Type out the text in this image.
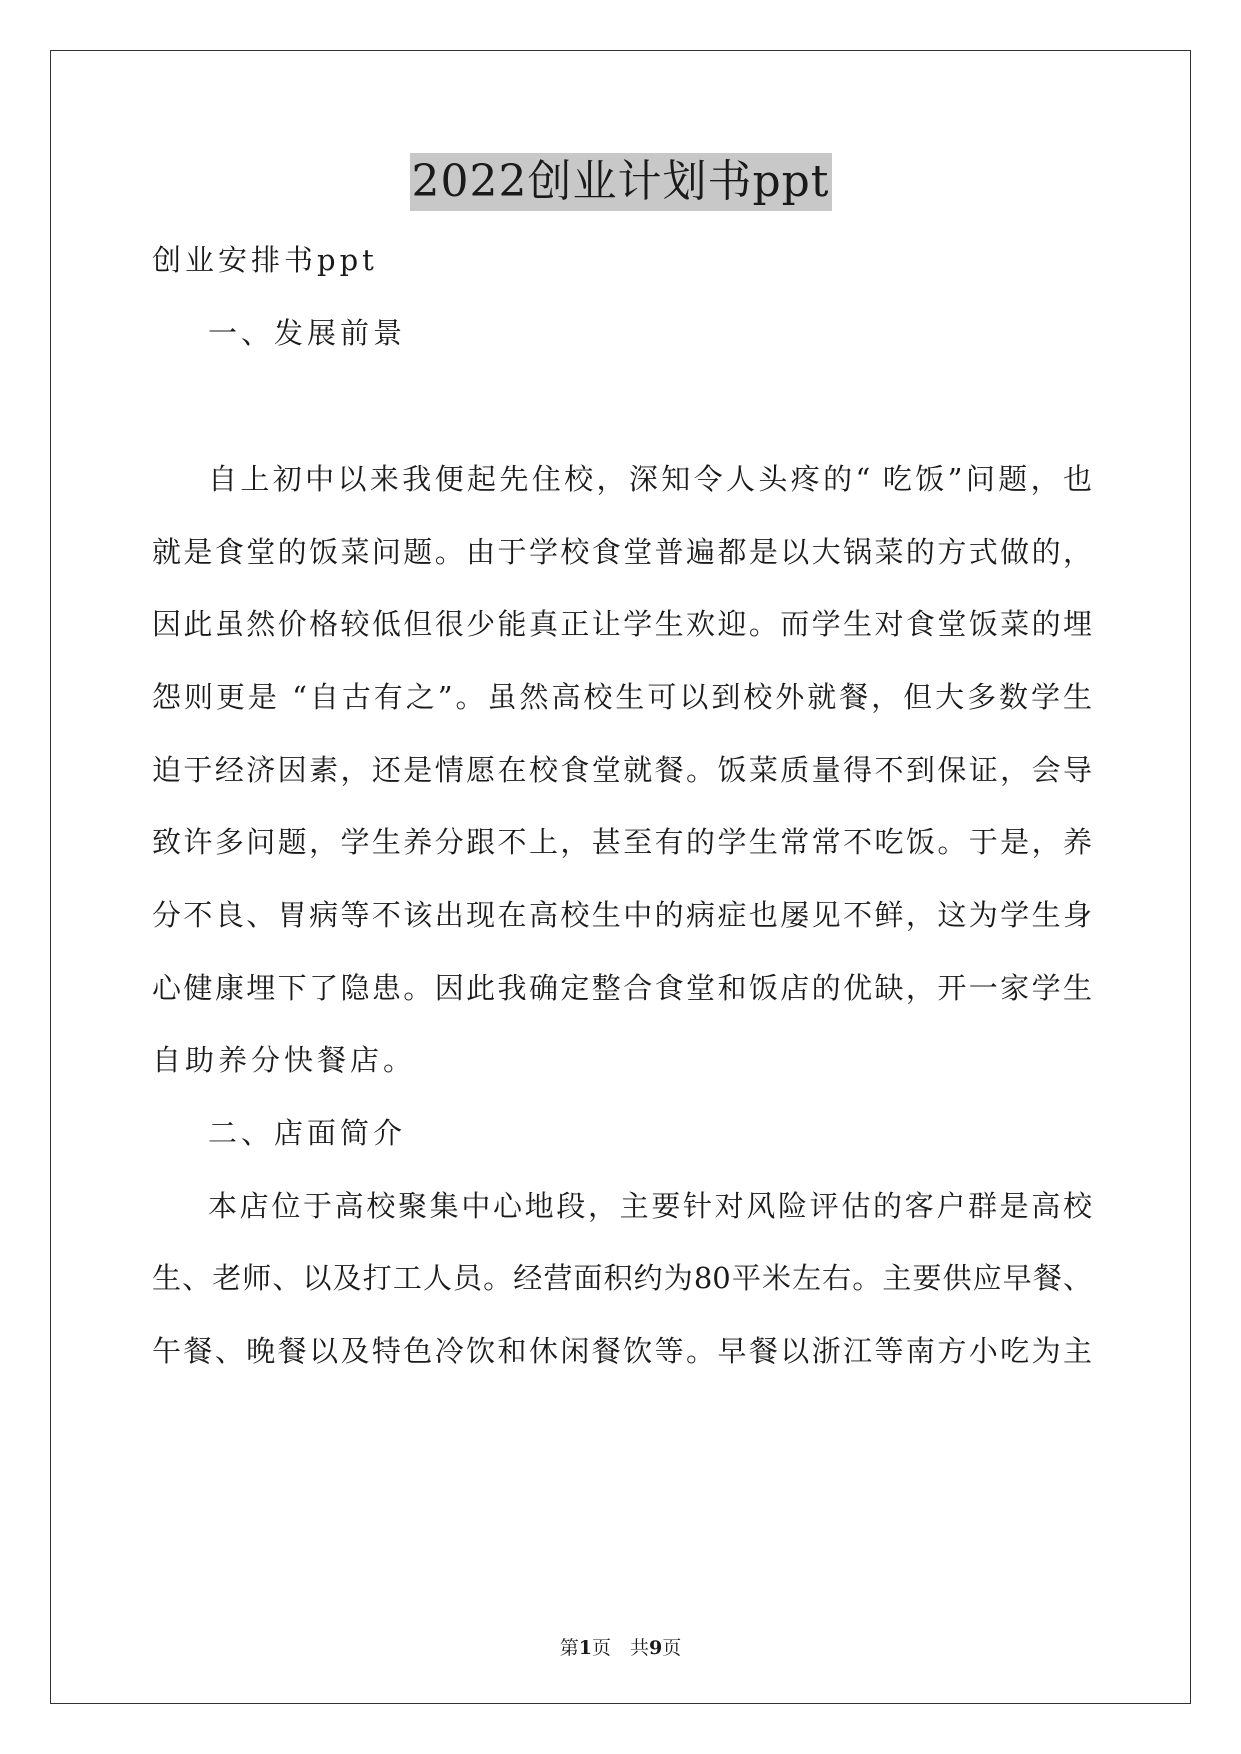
2022创业计划书ppt
创业安排书ppt
一、发展前景
自上初中以来我便起先住校，深知令人头疼的“ 吃饭”问题，也
就是食堂的饭菜问题。由于学校食堂普遍都是以大锅菜的方式做的，
因此虽然价格较低但很少能真正让学生欢迎。而学生对食堂饭菜的埋
怨则更是 “自古有之”。虽然高校生可以到校外就餐，但大多数学生
迫于经济因素，还是情愿在校食堂就餐。饭菜质量得不到保证，会导
致许多问题，学生养分跟不上，甚至有的学生常常不吃饭。于是，养
分不良、胃病等不该出现在高校生中的病症也屡见不鲜，这为学生身
心健康埋下了隐患。因此我确定整合食堂和饭店的优缺，开一家学生
自助养分快餐店。
二、店面简介
本店位于高校聚集中心地段，主要针对风险评估的客户群是高校
生、老师、以及打工人员。经营面积约为80平米左右。主要供应早餐、
午餐、晚餐以及特色冷饮和休闲餐饮等。早餐以浙江等南方小吃为主
第1页　共9页
